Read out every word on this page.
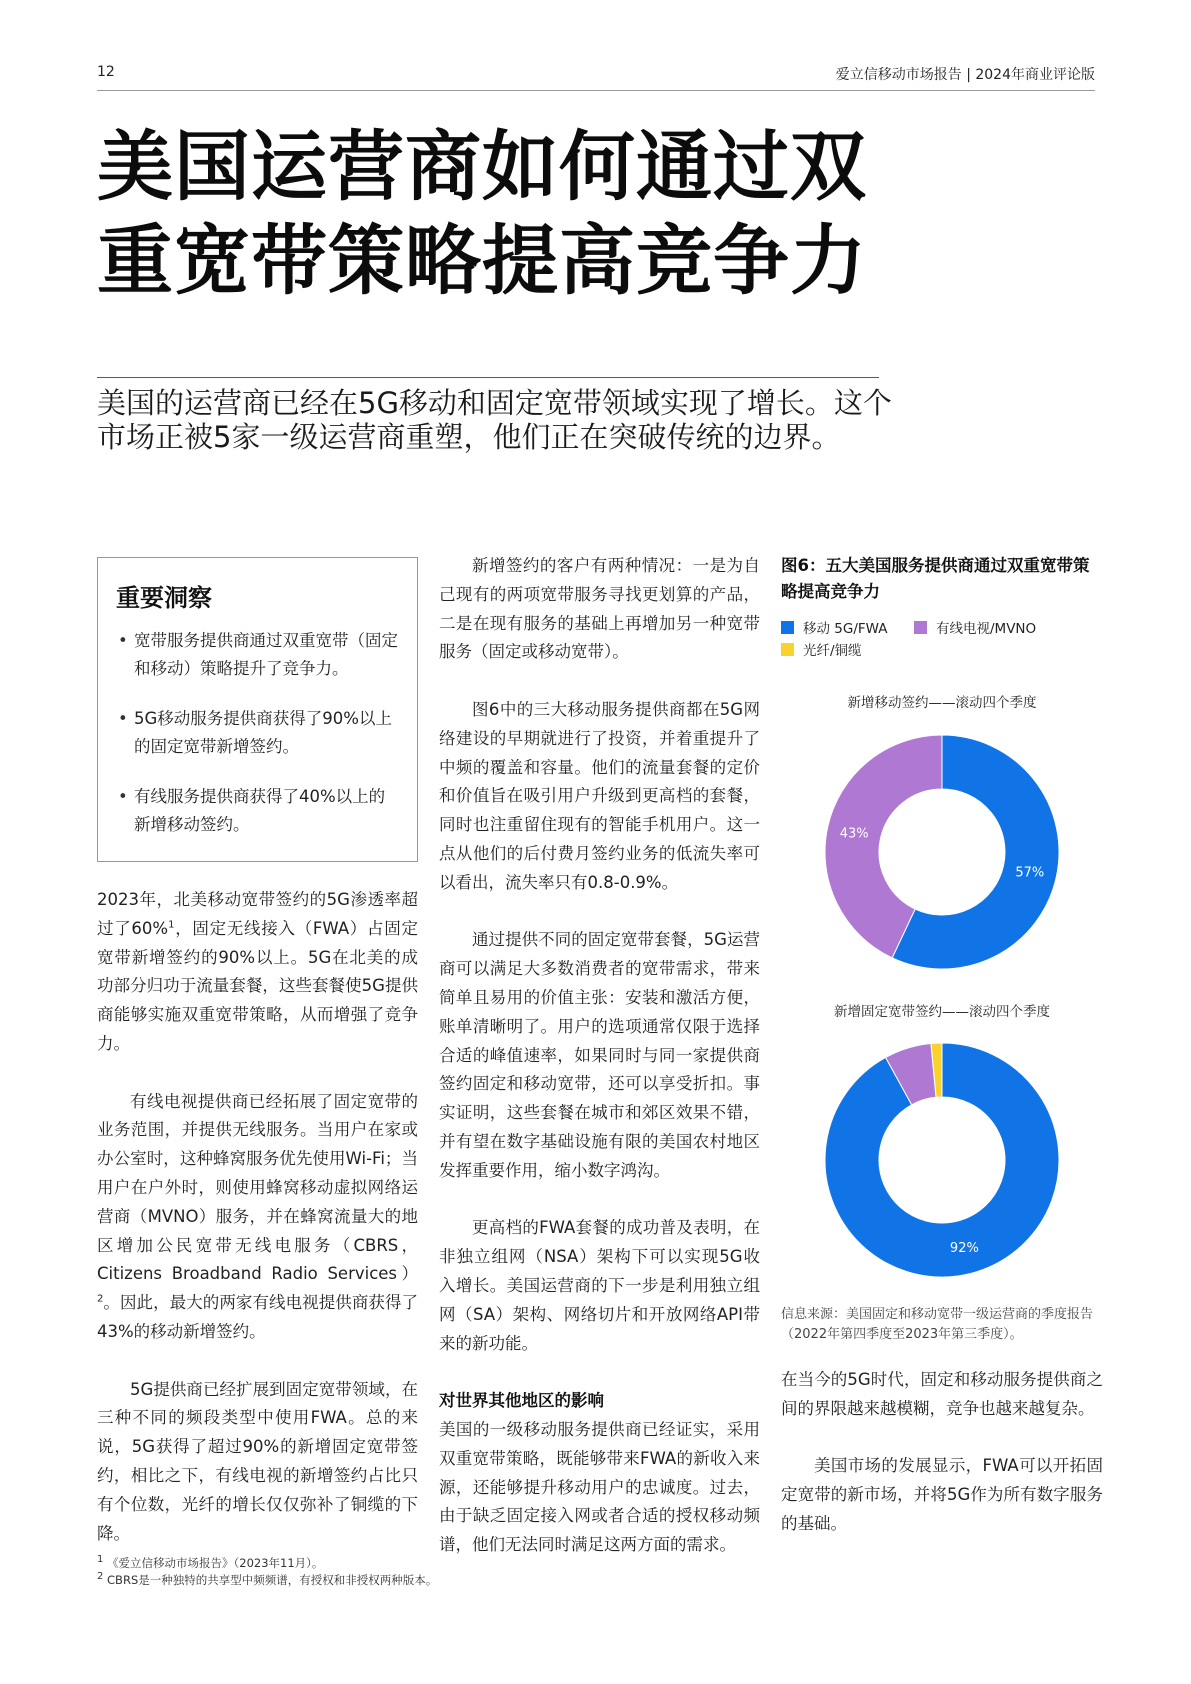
12	爱立信移动市场报告 | 2024年商业评论版
美国运营商如何通过双
重宽带策略提高竞争力
美国的运营商已经在5G移动和固定宽带领域实现了增长。这个
市场正被5家一级运营商重塑，他们正在突破传统的边界。
重要洞察
• 宽带服务提供商通过双重宽带（固定和移动）策略提升了竞争力。
• 5G移动服务提供商获得了90%以上的固定宽带新增签约。
• 有线服务提供商获得了40%以上的新增移动签约。

2023年，北美移动宽带签约的5G渗透率超过了60%$^1$，固定无线接入（FWA）占固定宽带新增签约的90%以上。5G在北美的成功部分归功于流量套餐，这些套餐使5G提供商能够实施双重宽带策略，从而增强了竞争力。

有线电视提供商已经拓展了固定宽带的业务范围，并提供无线服务。当用户在家或办公室时，这种蜂窝服务优先使用Wi-Fi；当用户在户外时，则使用蜂窝移动虚拟网络运营商（MVNO）服务，并在蜂窝流量大的地区增加公民宽带无线电服务（CBRS，Citizens Broadband Radio Services）$^2$。因此，最大的两家有线电视提供商获得了43%的移动新增签约。

5G提供商已经扩展到固定宽带领域，在三种不同的频段类型中使用FWA。总的来说，5G获得了超过90%的新增固定宽带签约，相比之下，有线电视的新增签约占比只有个位数，光纤的增长仅仅弥补了铜缆的下降。

新增签约的客户有两种情况：一是为自己现有的两项宽带服务寻找更划算的产品，二是在现有服务的基础上再增加另一种宽带服务（固定或移动宽带）。

图6中的三大移动服务提供商都在5G网络建设的早期就进行了投资，并着重提升了中频的覆盖和容量。他们的流量套餐的定价和价值旨在吸引用户升级到更高档的套餐，同时也注重留住现有的智能手机用户。这一点从他们的后付费月签约业务的低流失率可以看出，流失率只有0.8-0.9%。

通过提供不同的固定宽带套餐，5G运营商可以满足大多数消费者的宽带需求，带来简单且易用的价值主张：安装和激活方便，账单清晰明了。用户的选项通常仅限于选择合适的峰值速率，如果同时与同一家提供商签约固定和移动宽带，还可以享受折扣。事实证明，这些套餐在城市和郊区效果不错，并有望在数字基础设施有限的美国农村地区发挥重要作用，缩小数字鸿沟。

更高档的FWA套餐的成功普及表明，在非独立组网（NSA）架构下可以实现5G收入增长。美国运营商的下一步是利用独立组网（SA）架构、网络切片和开放网络API带来的新功能。

对世界其他地区的影响

美国的一级移动服务提供商已经证实，采用双重宽带策略，既能够带来FWA的新收入来源，还能够提升移动用户的忠诚度。过去，由于缺乏固定接入网或者合适的授权移动频谱，他们无法同时满足这两方面的需求。

图6：五大美国服务提供商通过双重宽带策略提高竞争力
移动 5G/FWA	有线电视/MVNO
光纤/铜缆
新增移动签约——滚动四个季度
57%
43%
新增固定宽带签约——滚动四个季度
92%
信息来源：美国固定和移动宽带一级运营商的季度报告（2022年第四季度至2023年第三季度）。

在当今的5G时代，固定和移动服务提供商之间的界限越来越模糊，竞争也越来越复杂。

美国市场的发展显示，FWA可以开拓固定宽带的新市场，并将5G作为所有数字服务的基础。

$^1$ 《爱立信移动市场报告》（2023年11月）。
$^2$ CBRS是一种独特的共享型中频频谱，有授权和非授权两种版本。
